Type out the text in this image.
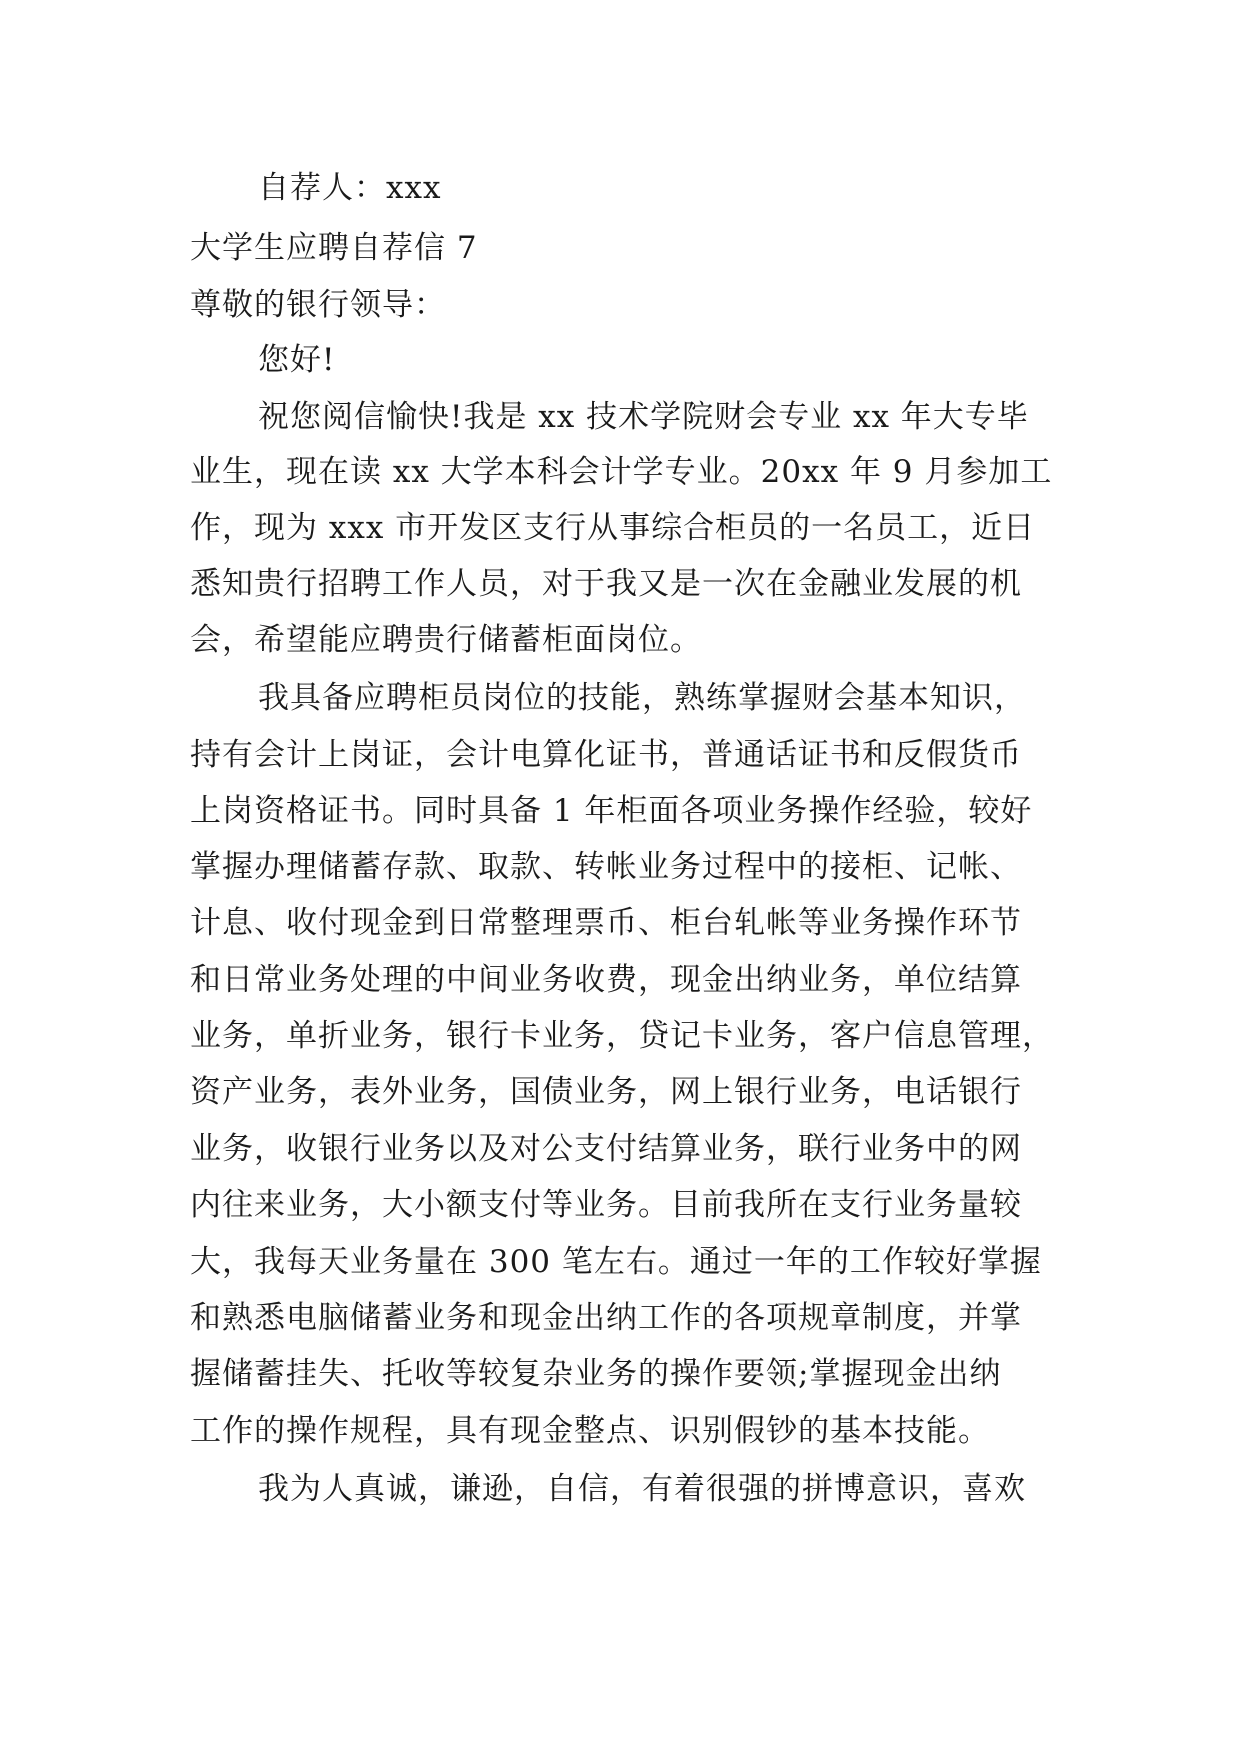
自荐人：xxx
大学生应聘自荐信 7
尊敬的银行领导：
您好!
祝您阅信愉快!我是 xx 技术学院财会专业 xx 年大专毕
业生，现在读 xx 大学本科会计学专业。20xx 年 9 月参加工
作，现为 xxx 市开发区支行从事综合柜员的一名员工，近日
悉知贵行招聘工作人员，对于我又是一次在金融业发展的机
会，希望能应聘贵行储蓄柜面岗位。
我具备应聘柜员岗位的技能，熟练掌握财会基本知识，
持有会计上岗证，会计电算化证书，普通话证书和反假货币
上岗资格证书。同时具备 1 年柜面各项业务操作经验，较好
掌握办理储蓄存款、取款、转帐业务过程中的接柜、记帐、
计息、收付现金到日常整理票币、柜台轧帐等业务操作环节
和日常业务处理的中间业务收费，现金出纳业务，单位结算
业务，单折业务，银行卡业务，贷记卡业务，客户信息管理，
资产业务，表外业务，国债业务，网上银行业务，电话银行
业务，收银行业务以及对公支付结算业务，联行业务中的网
内往来业务，大小额支付等业务。目前我所在支行业务量较
大，我每天业务量在 300 笔左右。通过一年的工作较好掌握
和熟悉电脑储蓄业务和现金出纳工作的各项规章制度，并掌
握储蓄挂失、托收等较复杂业务的操作要领;掌握现金出纳
工作的操作规程，具有现金整点、识别假钞的基本技能。
我为人真诚，谦逊，自信，有着很强的拼博意识，喜欢
